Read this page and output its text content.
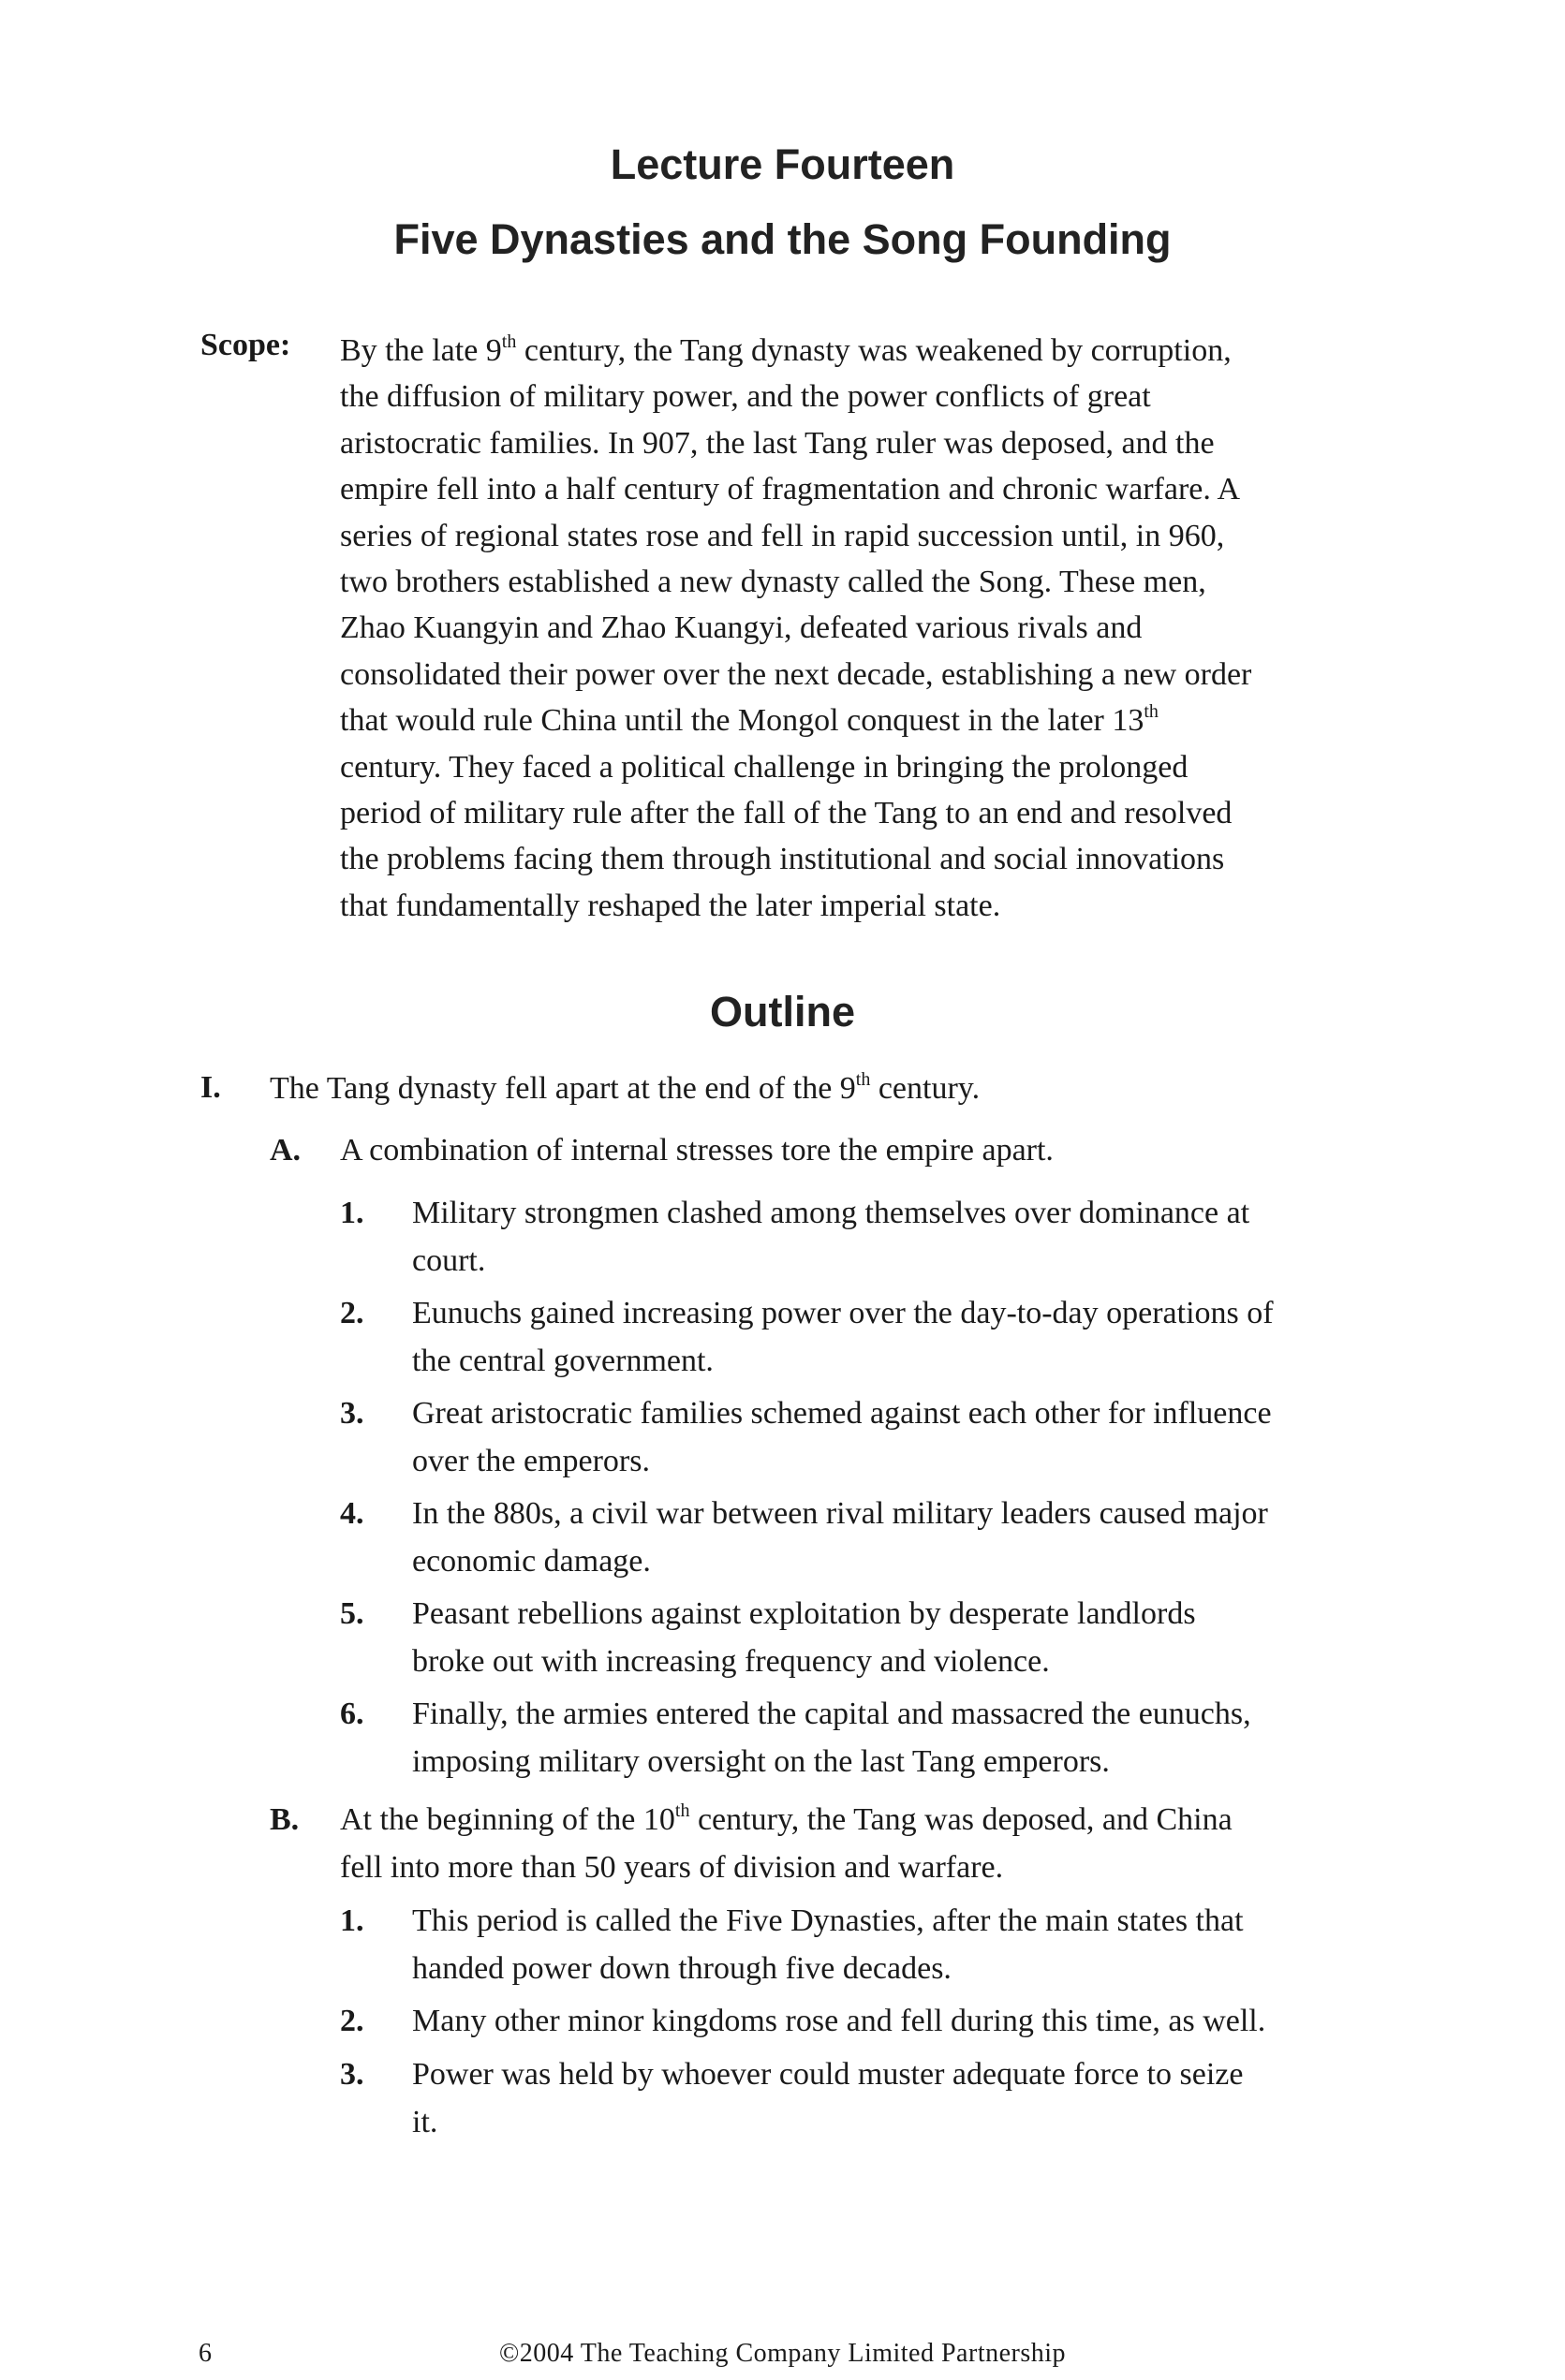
Lecture Fourteen
Five Dynasties and the Song Founding
Scope: By the late 9th century, the Tang dynasty was weakened by corruption,
the diffusion of military power, and the power conflicts of great
aristocratic families. In 907, the last Tang ruler was deposed, and the
empire fell into a half century of fragmentation and chronic warfare. A
series of regional states rose and fell in rapid succession until, in 960,
two brothers established a new dynasty called the Song. These men,
Zhao Kuangyin and Zhao Kuangyi, defeated various rivals and
consolidated their power over the next decade, establishing a new order
that would rule China until the Mongol conquest in the later 13th
century. They faced a political challenge in bringing the prolonged
period of military rule after the fall of the Tang to an end and resolved
the problems facing them through institutional and social innovations
that fundamentally reshaped the later imperial state.
Outline
I. The Tang dynasty fell apart at the end of the 9th century.
A. A combination of internal stresses tore the empire apart.
1. Military strongmen clashed among themselves over dominance at
court.
2. Eunuchs gained increasing power over the day-to-day operations of
the central government.
3. Great aristocratic families schemed against each other for influence
over the emperors.
4. In the 880s, a civil war between rival military leaders caused major
economic damage.
5. Peasant rebellions against exploitation by desperate landlords
broke out with increasing frequency and violence.
6. Finally, the armies entered the capital and massacred the eunuchs,
imposing military oversight on the last Tang emperors.
B. At the beginning of the 10th century, the Tang was deposed, and China
fell into more than 50 years of division and warfare.
1. This period is called the Five Dynasties, after the main states that
handed power down through five decades.
2. Many other minor kingdoms rose and fell during this time, as well.
3. Power was held by whoever could muster adequate force to seize
it.
6	©2004 The Teaching Company Limited Partnership
